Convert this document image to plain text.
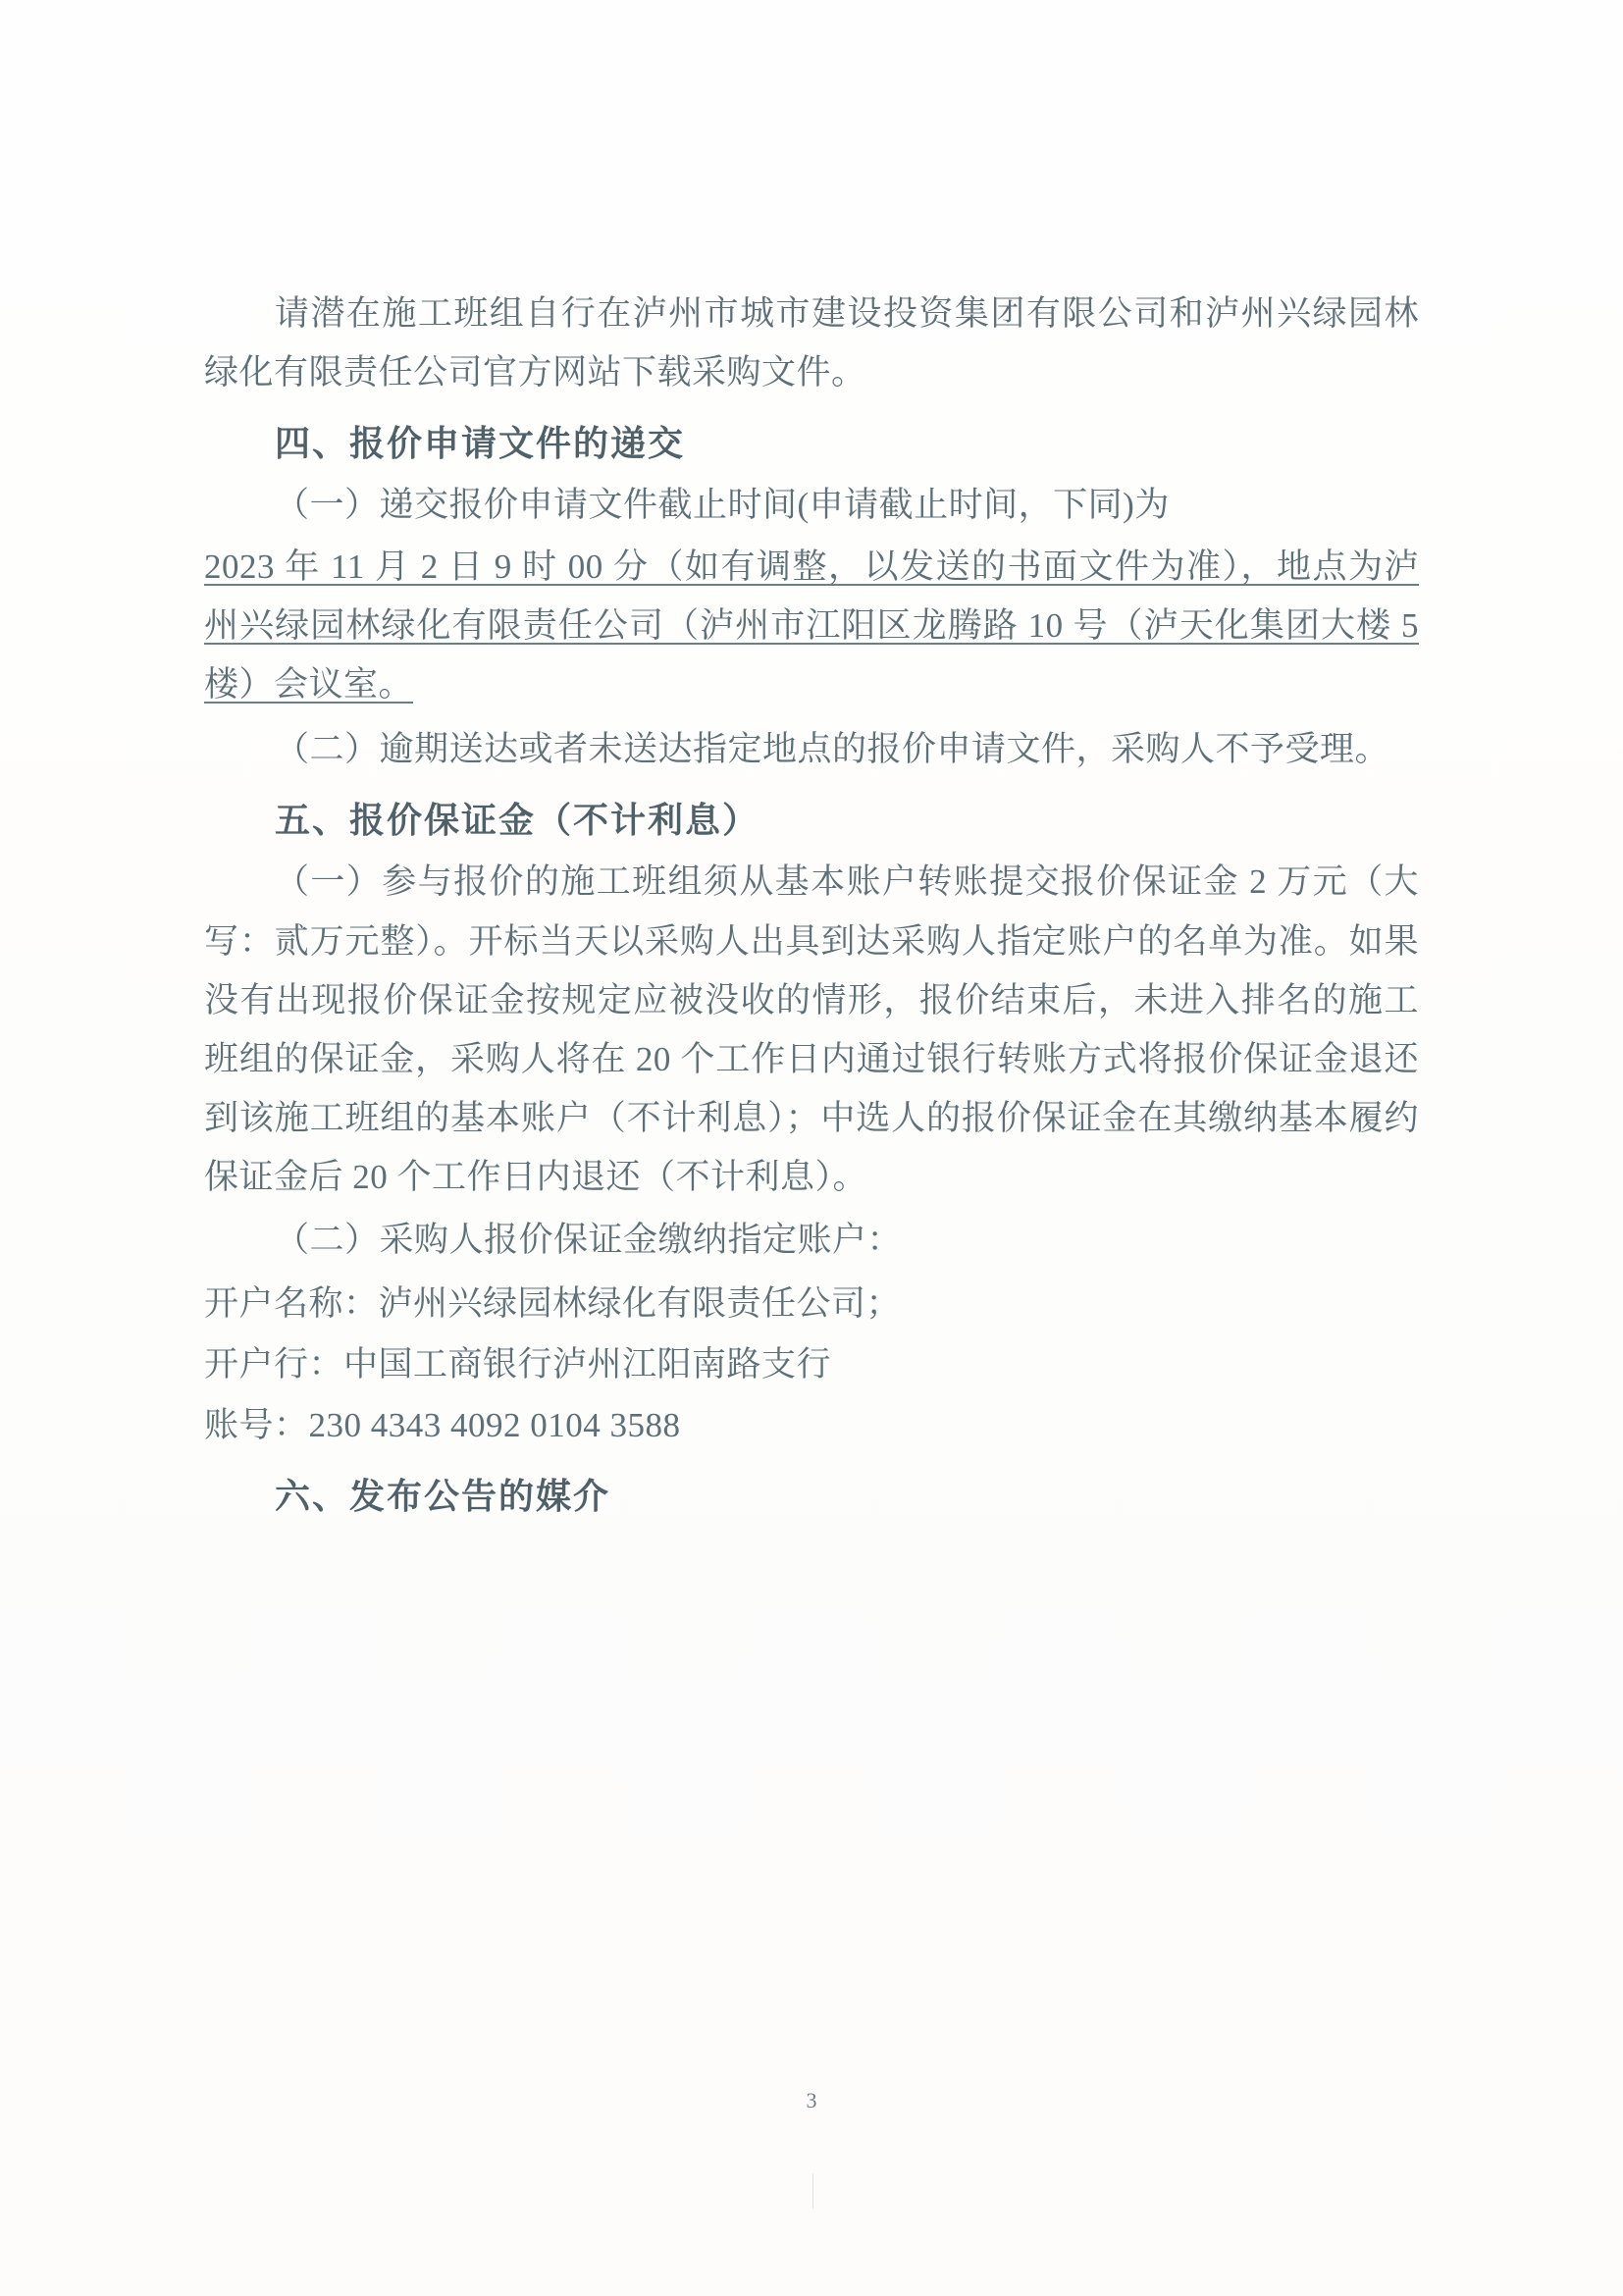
请潜在施工班组自行在泸州市城市建设投资集团有限公司和泸州兴绿园林绿化有限责任公司官方网站下载采购文件。

四、报价申请文件的递交

（一）递交报价申请文件截止时间(申请截止时间，下同)为

2023 年 11 月 2 日 9 时 00 分（如有调整，以发送的书面文件为准），地点为泸州兴绿园林绿化有限责任公司（泸州市江阳区龙腾路 10 号（泸天化集团大楼 5 楼）会议室。

（二）逾期送达或者未送达指定地点的报价申请文件，采购人不予受理。

五、报价保证金（不计利息）

（一）参与报价的施工班组须从基本账户转账提交报价保证金 2 万元（大写：贰万元整）。开标当天以采购人出具到达采购人指定账户的名单为准。如果没有出现报价保证金按规定应被没收的情形，报价结束后，未进入排名的施工班组的保证金，采购人将在 20 个工作日内通过银行转账方式将报价保证金退还到该施工班组的基本账户（不计利息）；中选人的报价保证金在其缴纳基本履约保证金后 20 个工作日内退还（不计利息）。

（二）采购人报价保证金缴纳指定账户：

开户名称：泸州兴绿园林绿化有限责任公司；

开户行：中国工商银行泸州江阳南路支行

账号：230 4343 4092 0104 3588

六、发布公告的媒介
3
